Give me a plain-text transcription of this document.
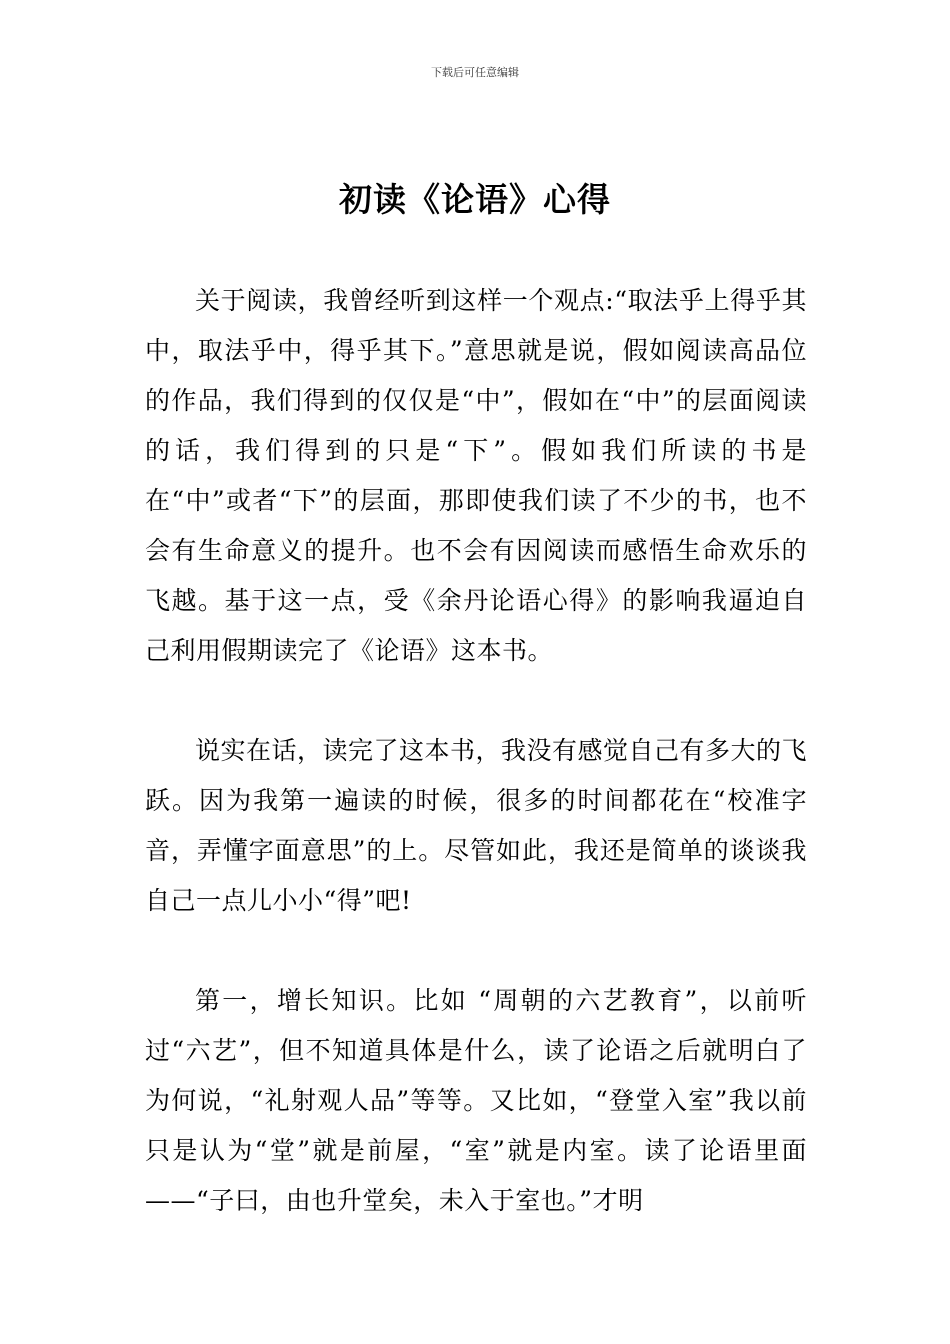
下载后可任意编辑
初读《论语》心得

关于阅读，我曾经听到这样一个观点:“取法乎上得乎其中，取法乎中，得乎其下。”意思就是说，假如阅读高品位的作品，我们得到的仅仅是“中”，假如在“中”的层面阅读的话，我们得到的只是“下”。假如我们所读的书是在“中”或者“下”的层面，那即使我们读了不少的书，也不会有生命意义的提升。也不会有因阅读而感悟生命欢乐的飞越。基于这一点，受《余丹论语心得》的影响我逼迫自己利用假期读完了《论语》这本书。

说实在话，读完了这本书，我没有感觉自己有多大的飞跃。因为我第一遍读的时候，很多的时间都花在“校准字音，弄懂字面意思”的上。尽管如此，我还是简单的谈谈我自己一点儿小小“得”吧!

第一，增长知识。比如 “周朝的六艺教育”，以前听过“六艺”，但不知道具体是什么，读了论语之后就明白了为何说，“礼射观人品”等等。又比如，“登堂入室”我以前只是认为“堂”就是前屋，“室”就是内室。读了论语里面——“子曰，由也升堂矣，未入于室也。”才明
